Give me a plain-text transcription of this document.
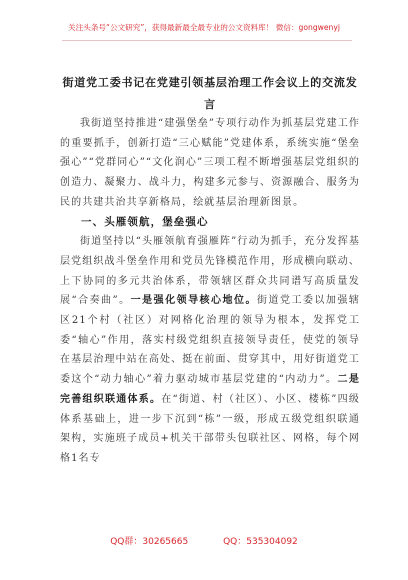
关注头条号“公文研究”，获得最新最全最专业的公文资料库！ 微信：gongwenyj
街道党工委书记在党建引领基层治理工作会议上的交流发言

我街道坚持推进“建强堡垒”专项行动作为抓基层党建工作的重要抓手，创新打造“三心赋能”党建体系，系统实施“堡垒强心”“党群同心”“文化润心”三项工程不断增强基层党组织的创造力、凝聚力、战斗力，构建多元参与、资源融合、服务为民的共建共治共享新格局，绘就基层治理新图景。

一、头雁领航，堡垒强心

街道坚持以“头雁领航育强雁阵”行动为抓手，充分发挥基层党组织战斗堡垒作用和党员先锋模范作用，形成横向联动、上下协同的多元共治体系，带领辖区群众共同谱写高质量发展“合奏曲”。一是强化领导核心地位。街道党工委以加强辖区21个村（社区）对网格化治理的领导为根本，发挥党工委“轴心”作用，落实村级党组织直接领导责任，使党的领导在基层治理中站在高处、挺在前面、贯穿其中，用好街道党工委这个“动力轴心”着力驱动城市基层党建的“内动力”。二是完善组织联通体系。在“街道、村（社区）、小区、楼栋”四级体系基础上，进一步下沉到“栋”一级，形成五级党组织联通架构，实施班子成员+机关干部带头包联社区、网格，每个网格1名专

QQ群：30265665	QQ：535304092
